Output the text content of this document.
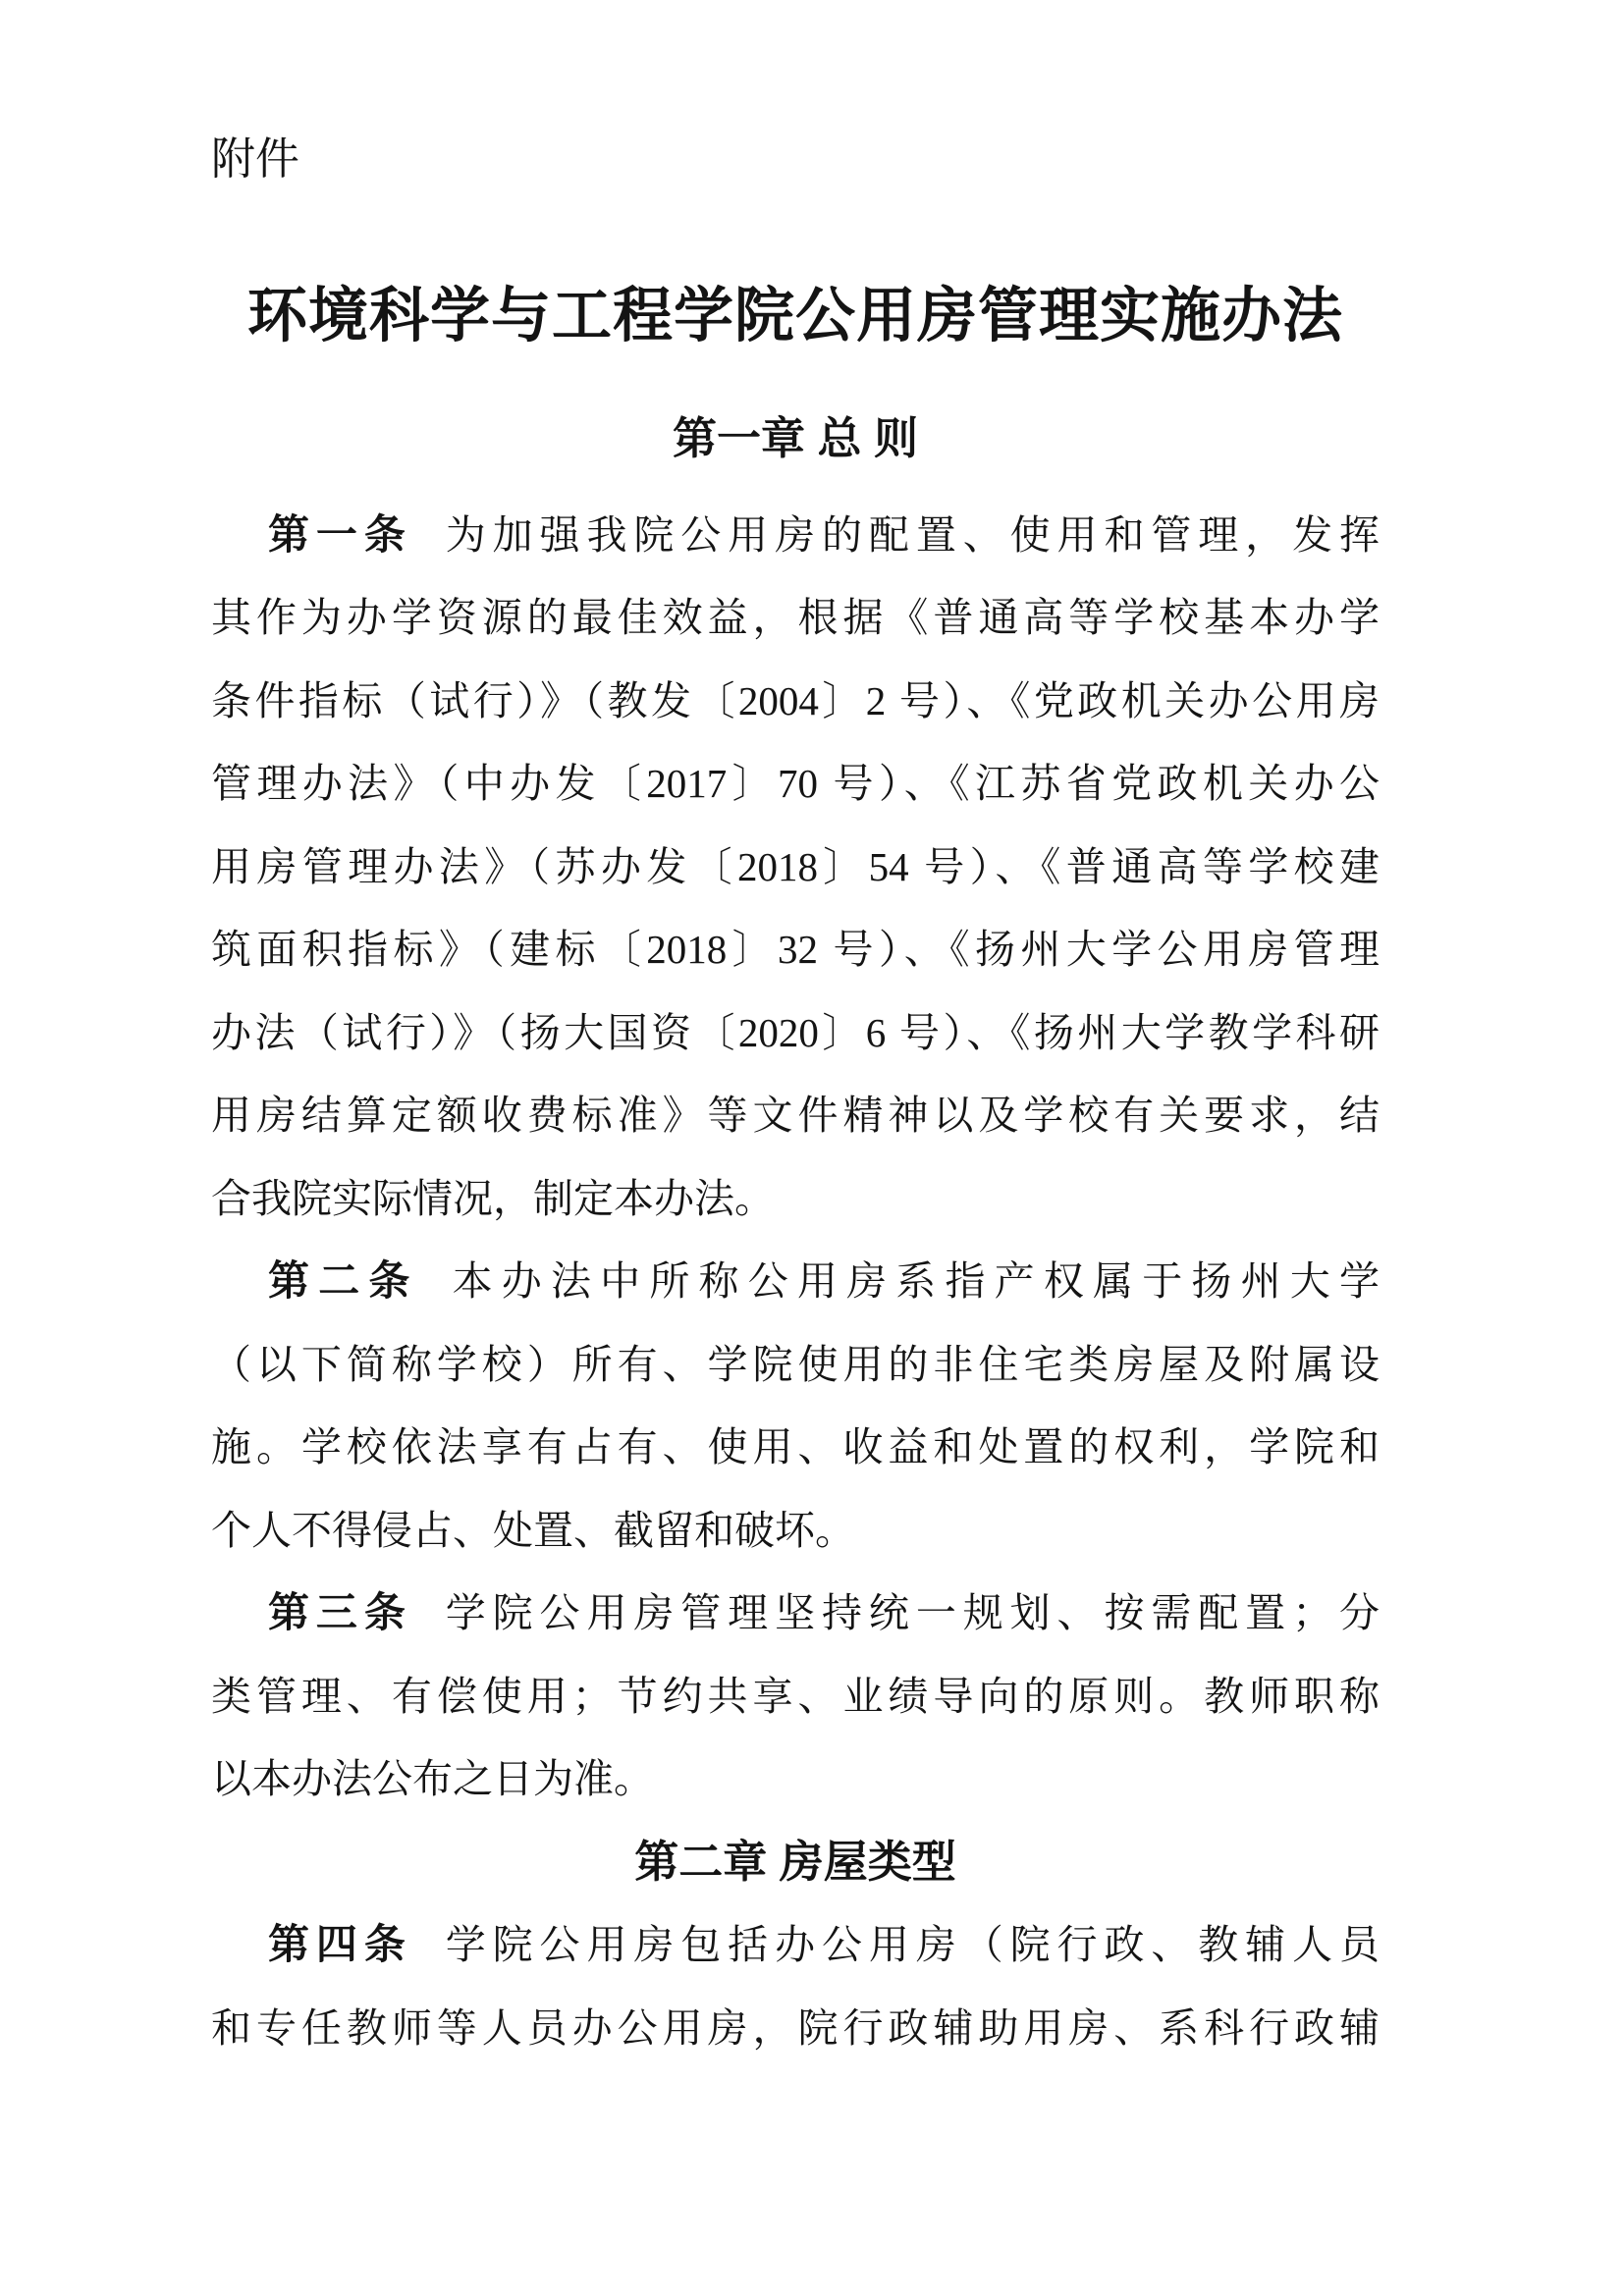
附件
环境科学与工程学院公用房管理实施办法
第一章 总 则
第一条 为加强我院公用房的配置、使用和管理，发挥
其作为办学资源的最佳效益，根据《普通高等学校基本办学
条件指标（试行）》（教发〔2004〕2 号）、《党政机关办公用房
管理办法》（中办发〔2017〕70 号）、《江苏省党政机关办公
用房管理办法》（苏办发〔2018〕54 号）、《普通高等学校建
筑面积指标》（建标〔2018〕32 号）、《扬州大学公用房管理
办法（试行）》（扬大国资〔2020〕6 号）、《扬州大学教学科研
用房结算定额收费标准》等文件精神以及学校有关要求，结
合我院实际情况，制定本办法。
第二条 本办法中所称公用房系指产权属于扬州大学
（以下简称学校）所有、学院使用的非住宅类房屋及附属设
施。学校依法享有占有、使用、收益和处置的权利，学院和
个人不得侵占、处置、截留和破坏。
第三条 学院公用房管理坚持统一规划、按需配置；分
类管理、有偿使用；节约共享、业绩导向的原则。教师职称
以本办法公布之日为准。
第二章 房屋类型
第四条 学院公用房包括办公用房（院行政、教辅人员
和专任教师等人员办公用房，院行政辅助用房、系科行政辅
